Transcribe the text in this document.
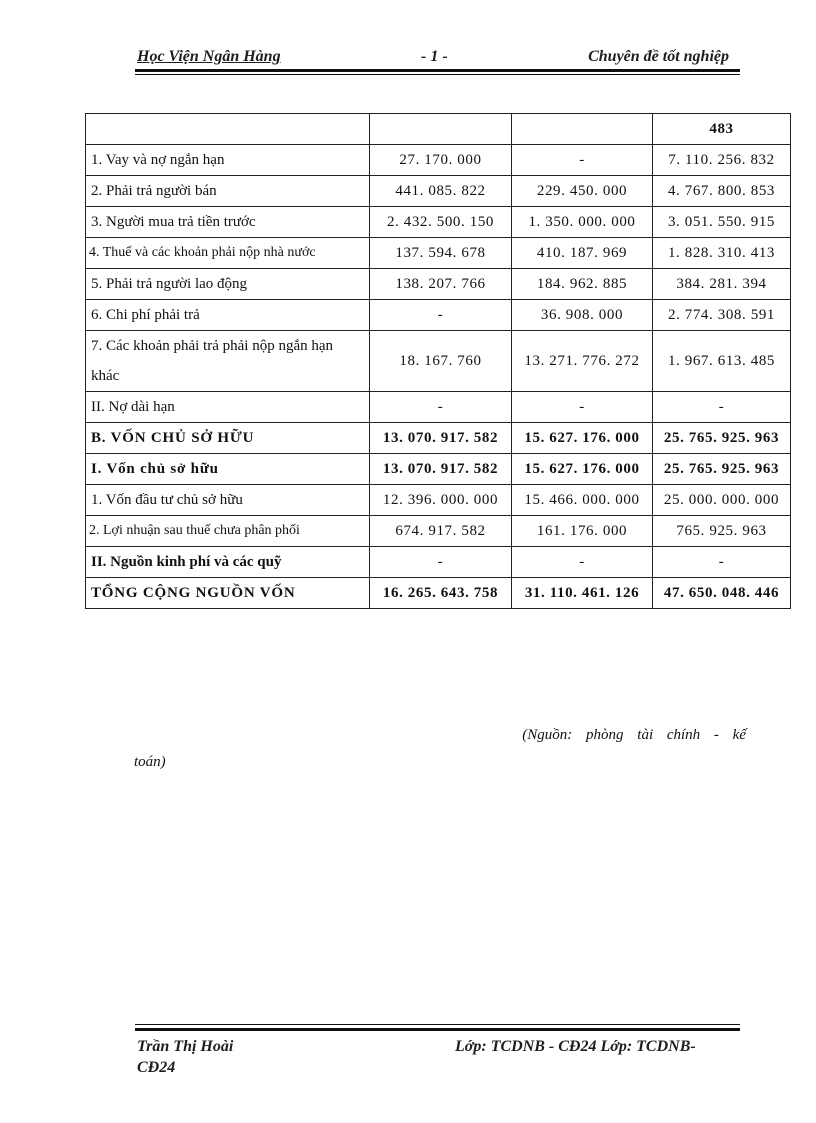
Học Viện Ngân Hàng	- 1 -	Chuyên đề tốt nghiệp
			483
1. Vay và nợ ngắn hạn	27. 170. 000	-	7. 110. 256. 832
2. Phải trả người bán	441. 085. 822	229. 450. 000	4. 767. 800. 853
3. Người mua trả tiền trước	2. 432. 500. 150	1. 350. 000. 000	3. 051. 550. 915
4. Thuế và các khoản phải nộp nhà nước	137. 594. 678	410. 187. 969	1. 828. 310. 413
5. Phải trả người lao động	138. 207. 766	184. 962. 885	384. 281. 394
6. Chi phí phải trả	-	36. 908. 000	2. 774. 308. 591
7. Các khoản phải trả phải nộp ngắn hạn khác	18. 167. 760	13. 271. 776. 272	1. 967. 613. 485
II. Nợ dài hạn	-	-	-
B. VỐN CHỦ SỞ HỮU	13. 070. 917. 582	15. 627. 176. 000	25. 765. 925. 963
I. Vốn chủ sở hữu	13. 070. 917. 582	15. 627. 176. 000	25. 765. 925. 963
1. Vốn đầu tư chủ sở hữu	12. 396. 000. 000	15. 466. 000. 000	25. 000. 000. 000
2. Lợi nhuận sau thuế chưa phân phối	674. 917. 582	161. 176. 000	765. 925. 963
II. Nguồn kinh phí và các quỹ	-	-	-
TỔNG CỘNG NGUỒN VỐN	16. 265. 643. 758	31. 110. 461. 126	47. 650. 048. 446
(Nguồn: phòng tài chính - kế
toán)
Trần Thị Hoài	Lớp: TCDNB - CĐ24 Lớp: TCDNB-
CĐ24
